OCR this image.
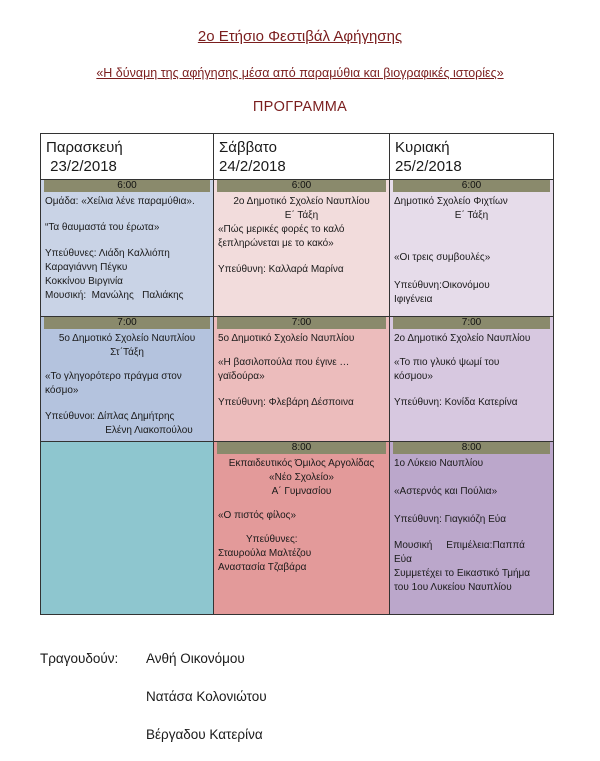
2ο Ετήσιο Φεστιβάλ Αφήγησης
«Η δύναμη της αφήγησης μέσα από παραμύθια και βιογραφικές ιστορίες»
ΠΡΟΓΡΑΜΜΑ
Παρασκευή
23/2/2018
Σάββατο
24/2/2018
Κυριακή
25/2/2018
6:00

Ομάδα: «Χείλια λένε παραμύθια».

“Τα θαυμαστά του έρωτα»

Υπεύθυνες: Λιάδη Καλλιόπη

Καραγιάννη Πέγκυ

Κοκκίνου Βιργινία

Μουσική:  Μανώλης   Παλιάκης

7:00

5ο Δημοτικό Σχολείο Ναυπλίου

Στ΄Τάξη

«Το γληγορότερο πράγμα στον

κόσμο»

Υπεύθυνοι: Δίπλας Δημήτρης

Ελένη Λιακοπούλου

6:00

2ο Δημοτικό Σχολείο Ναυπλίου

Ε΄ Τάξη

«Πώς μερικές φορές το καλό

ξεπληρώνεται με το κακό»

Υπεύθυνη: Καλλαρά Μαρίνα

7:00

5ο Δημοτικό Σχολείο Ναυπλίου

«Η βασιλοπούλα που έγινε …

γαϊδούρα»

Υπεύθυνη: Φλεβάρη Δέσποινα

8:00

Εκπαιδευτικός Όμιλος Αργολίδας

«Νέο Σχολείο»

Α΄ Γυμνασίου

«Ο πιστός φίλος»

Υπεύθυνες:

Σταυρούλα Μαλτέζου

Αναστασία Τζαβάρα

6:00

Δημοτικό Σχολείο Φιχτίων

Ε΄ Τάξη

«Οι τρεις συμβουλές»

Υπεύθυνη:Οικονόμου

Ιφιγένεια

7:00

2ο Δημοτικό Σχολείο Ναυπλίου

«Το πιο γλυκό ψωμί του

κόσμου»

Υπεύθυνη: Κονίδα Κατερίνα

8:00

1ο Λύκειο Ναυπλίου

«Αστερνός και Πούλια»

Υπεύθυνη: Γιαγκιόζη Εύα

Μουσική     Επιμέλεια:Παππά

Εύα

Συμμετέχει το Εικαστικό Τμήμα

του 1ου Λυκείου Ναυπλίου

Τραγουδούν: Ανθή Οικονόμου
Νατάσα Κολονιώτου
Βέργαδου Κατερίνα
